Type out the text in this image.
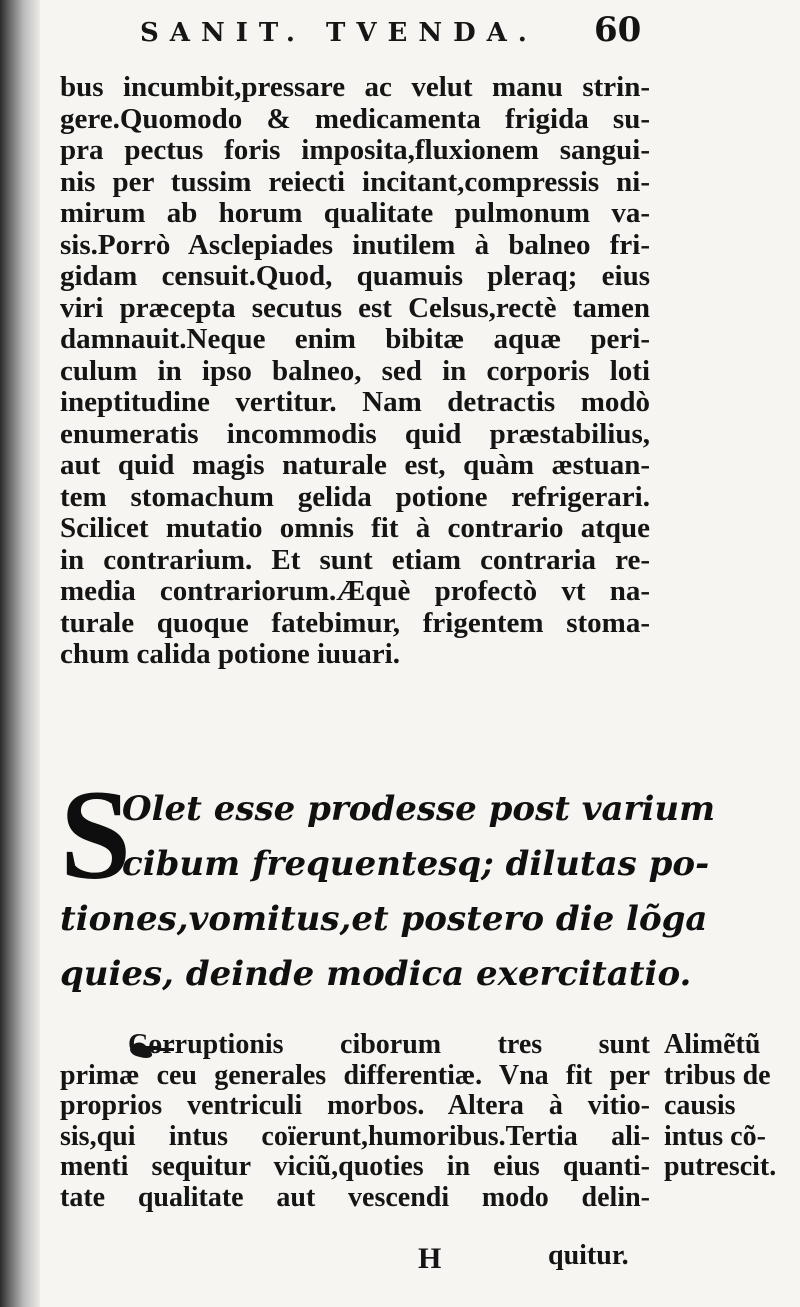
SANIT. TVENDA. 60
bus incumbit,pressare ac velut manu strin-
gere.Quomodo & medicamenta frigida su-
pra pectus foris imposita,fluxionem sangui-
nis per tussim reiecti incitant,compressis ni-
mirum ab horum qualitate pulmonum va-
sis.Porrò Asclepiades inutilem à balneo fri-
gidam censuit.Quod, quamuis pleraq; eius
viri præcepta secutus est Celsus,rectè tamen
damnauit.Neque enim bibitæ aquæ peri-
culum in ipso balneo, sed in corporis loti
ineptitudine vertitur. Nam detractis modò
enumeratis incommodis quid præstabilius,
aut quid magis naturale est, quàm æstuan-
tem stomachum gelida potione refrigerari.
Scilicet mutatio omnis fit à contrario atque
in contrarium. Et sunt etiam contraria re-
media contrariorum.Æquè profectò vt na-
turale quoque fatebimur, frigentem stoma-
chum calida potione iuuari.
S
Olet esse prodesse post varium
cibum frequentesq; dilutas po-
tiones,vomitus,et postero die lõga
quies, deinde modica exercitatio.
Corruptionis ciborum tres sunt
primæ ceu generales differentiæ. Vna fit per
proprios ventriculi morbos. Altera à vitio-
sis,qui intus coïerunt,humoribus.Tertia ali-
menti sequitur viciũ,quoties in eius quanti-
tate qualitate aut vescendi modo delin-
Alimẽtũ
tribus de
causis
intus cõ-
putrescit.
H	quitur.
